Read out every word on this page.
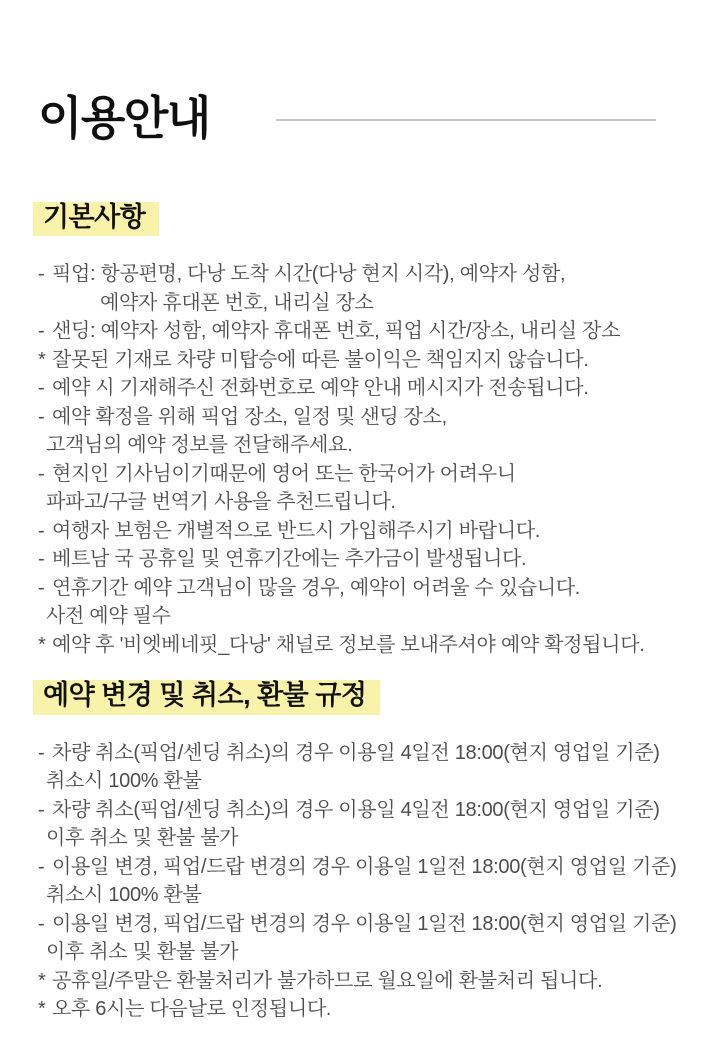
이용안내
기본사항
- 픽업: 항공편명, 다낭 도착 시간(다낭 현지 시각), 예약자 성함,
예약자 휴대폰 번호, 내리실 장소
- 샌딩: 예약자 성함, 예약자 휴대폰 번호, 픽업 시간/장소, 내리실 장소
* 잘못된 기재로 차량 미탑승에 따른 불이익은 책임지지 않습니다.
- 예약 시 기재해주신 전화번호로 예약 안내 메시지가 전송됩니다.
- 예약 확정을 위해 픽업 장소, 일정 및 샌딩 장소,
고객님의 예약 정보를 전달해주세요.
- 현지인 기사님이기때문에 영어 또는 한국어가 어려우니
파파고/구글 번역기 사용을 추천드립니다.
- 여행자 보험은 개별적으로 반드시 가입해주시기 바랍니다.
- 베트남 국 공휴일 및 연휴기간에는 추가금이 발생됩니다.
- 연휴기간 예약 고객님이 많을 경우, 예약이 어려울 수 있습니다.
사전 예약 필수
* 예약 후 '비엣베네핏_다낭' 채널로 정보를 보내주셔야 예약 확정됩니다.
예약 변경 및 취소, 환불 규정
- 차량 취소(픽업/센딩 취소)의 경우 이용일 4일전 18:00(현지 영업일 기준)
취소시 100% 환불
- 차량 취소(픽업/센딩 취소)의 경우 이용일 4일전 18:00(현지 영업일 기준)
이후 취소 및 환불 불가
- 이용일 변경, 픽업/드랍 변경의 경우 이용일 1일전 18:00(현지 영업일 기준)
취소시 100% 환불
- 이용일 변경, 픽업/드랍 변경의 경우 이용일 1일전 18:00(현지 영업일 기준)
이후 취소 및 환불 불가
* 공휴일/주말은 환불처리가 불가하므로 월요일에 환불처리 됩니다.
* 오후 6시는 다음날로 인정됩니다.
